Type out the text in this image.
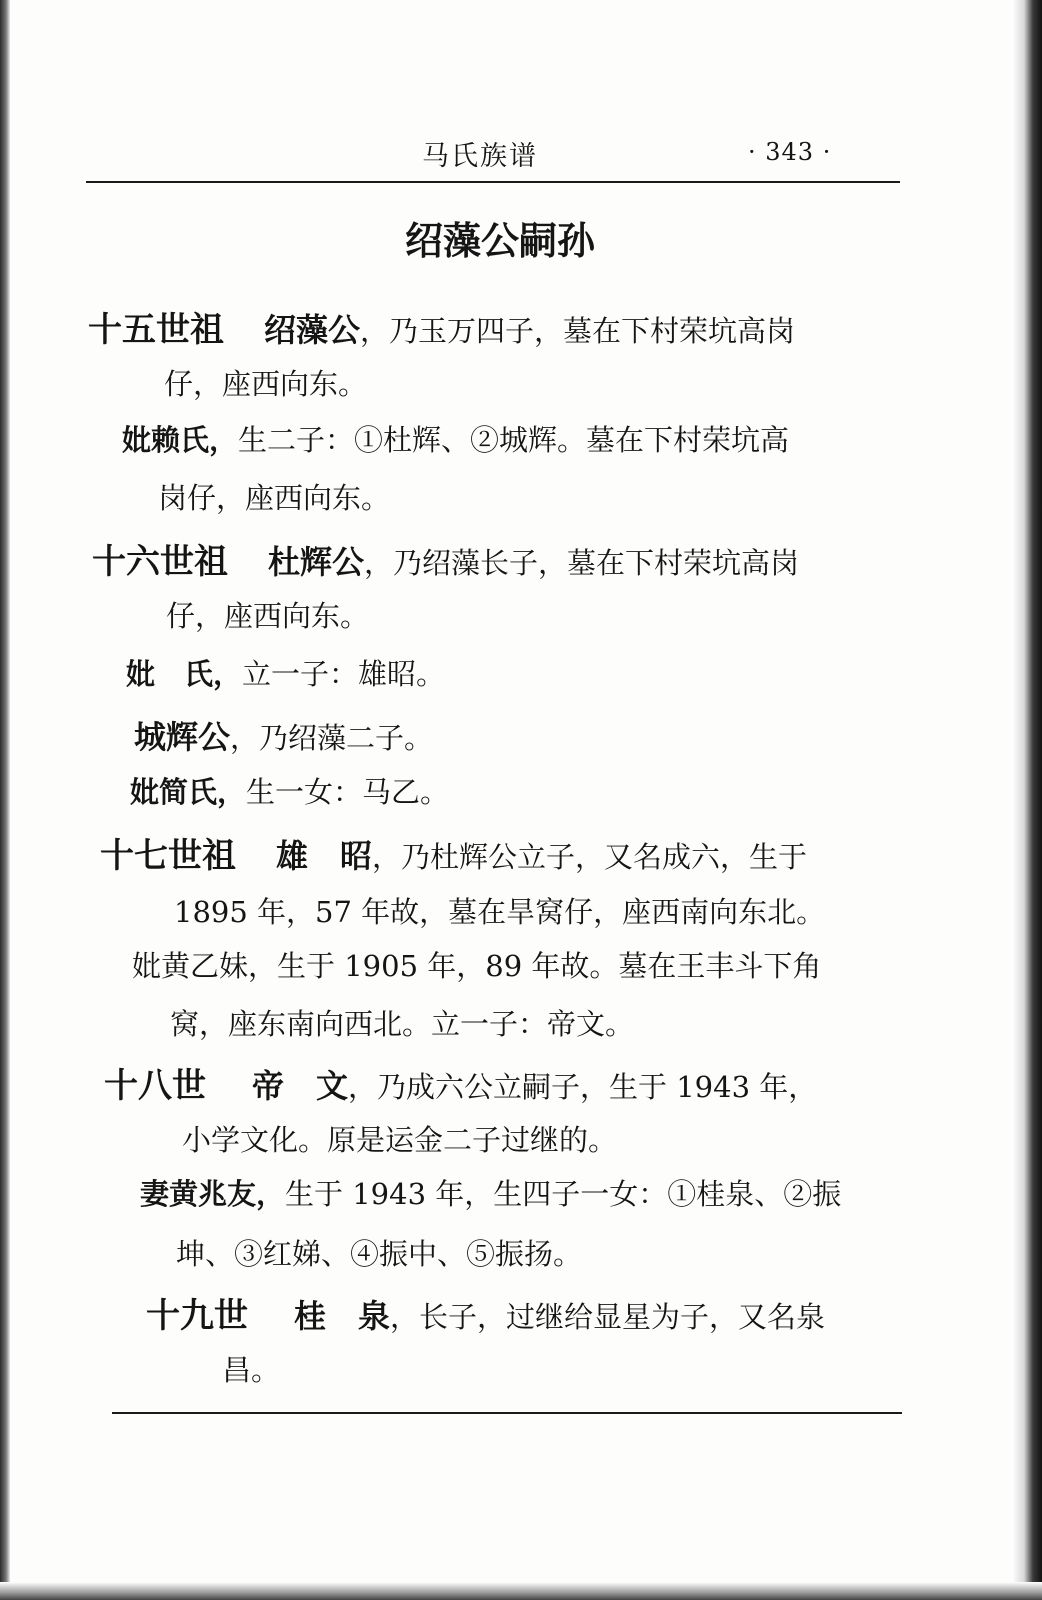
马氏族谱	· 343 ·
绍藻公嗣孙
十五世祖 绍藻公，乃玉万四子，墓在下村荣坑高岗
仔，座西向东。
妣赖氏，生二子：①杜辉、②城辉。墓在下村荣坑高
岗仔，座西向东。
十六世祖 杜辉公，乃绍藻长子，墓在下村荣坑高岗
仔，座西向东。
妣　氏，立一子：雄昭。
城辉公，乃绍藻二子。
妣简氏，生一女：马乙。
十七世祖 雄　昭，乃杜辉公立子，又名成六，生于
1895 年，57 年故，墓在旱窝仔，座西南向东北。
妣黄乙妹，生于 1905 年，89 年故。墓在王丰斗下角
窝，座东南向西北。立一子：帝文。
十八世 帝　文，乃成六公立嗣子，生于 1943 年，
小学文化。原是运金二子过继的。
妻黄兆友，生于 1943 年，生四子一女：①桂泉、②振
坤、③红娣、④振中、⑤振扬。
十九世 桂　泉，长子，过继给显星为子，又名泉
昌。
